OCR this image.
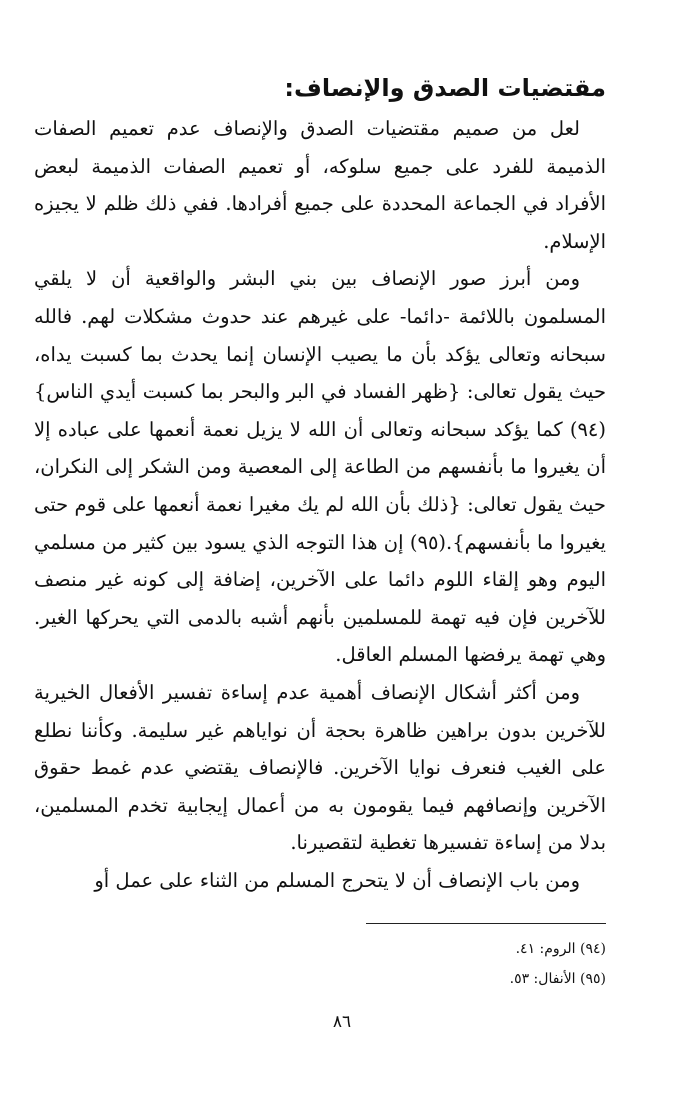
مقتضيات الصدق والإنصاف:

لعل من صميم مقتضيات الصدق والإنصاف عدم تعميم الصفات الذميمة للفرد على جميع سلوكه، أو تعميم الصفات الذميمة لبعض الأفراد في الجماعة المحددة على جميع أفرادها. ففي ذلك ظلم لا يجيزه الإسلام.

ومن أبرز صور الإنصاف بين بني البشر والواقعية أن لا يلقي المسلمون باللائمة -دائما- على غيرهم عند حدوث مشكلات لهم. فالله سبحانه وتعالى يؤكد بأن ما يصيب الإنسان إنما يحدث بما كسبت يداه، حيث يقول تعالى: {ظهر الفساد في البر والبحر بما كسبت أيدي الناس}(٩٤) كما يؤكد سبحانه وتعالى أن الله لا يزيل نعمة أنعمها على عباده إلا أن يغيروا ما بأنفسهم من الطاعة إلى المعصية ومن الشكر إلى النكران، حيث يقول تعالى: {ذلك بأن الله لم يك مغيرا نعمة أنعمها على قوم حتى يغيروا ما بأنفسهم}.(٩٥) إن هذا التوجه الذي يسود بين كثير من مسلمي اليوم وهو إلقاء اللوم دائما على الآخرين، إضافة إلى كونه غير منصف للآخرين فإن فيه تهمة للمسلمين بأنهم أشبه بالدمى التي يحركها الغير. وهي تهمة يرفضها المسلم العاقل.

ومن أكثر أشكال الإنصاف أهمية عدم إساءة تفسير الأفعال الخيرية للآخرين بدون براهين ظاهرة بحجة أن نواياهم غير سليمة. وكأننا نطلع على الغيب فنعرف نوايا الآخرين. فالإنصاف يقتضي عدم غمط حقوق الآخرين وإنصافهم فيما يقومون به من أعمال إيجابية تخدم المسلمين، بدلا من إساءة تفسيرها تغطية لتقصيرنا.

ومن باب الإنصاف أن لا يتحرج المسلم من الثناء على عمل أو

(٩٤) الروم: ٤١.
(٩٥) الأنفال: ٥٣.
٨٦
